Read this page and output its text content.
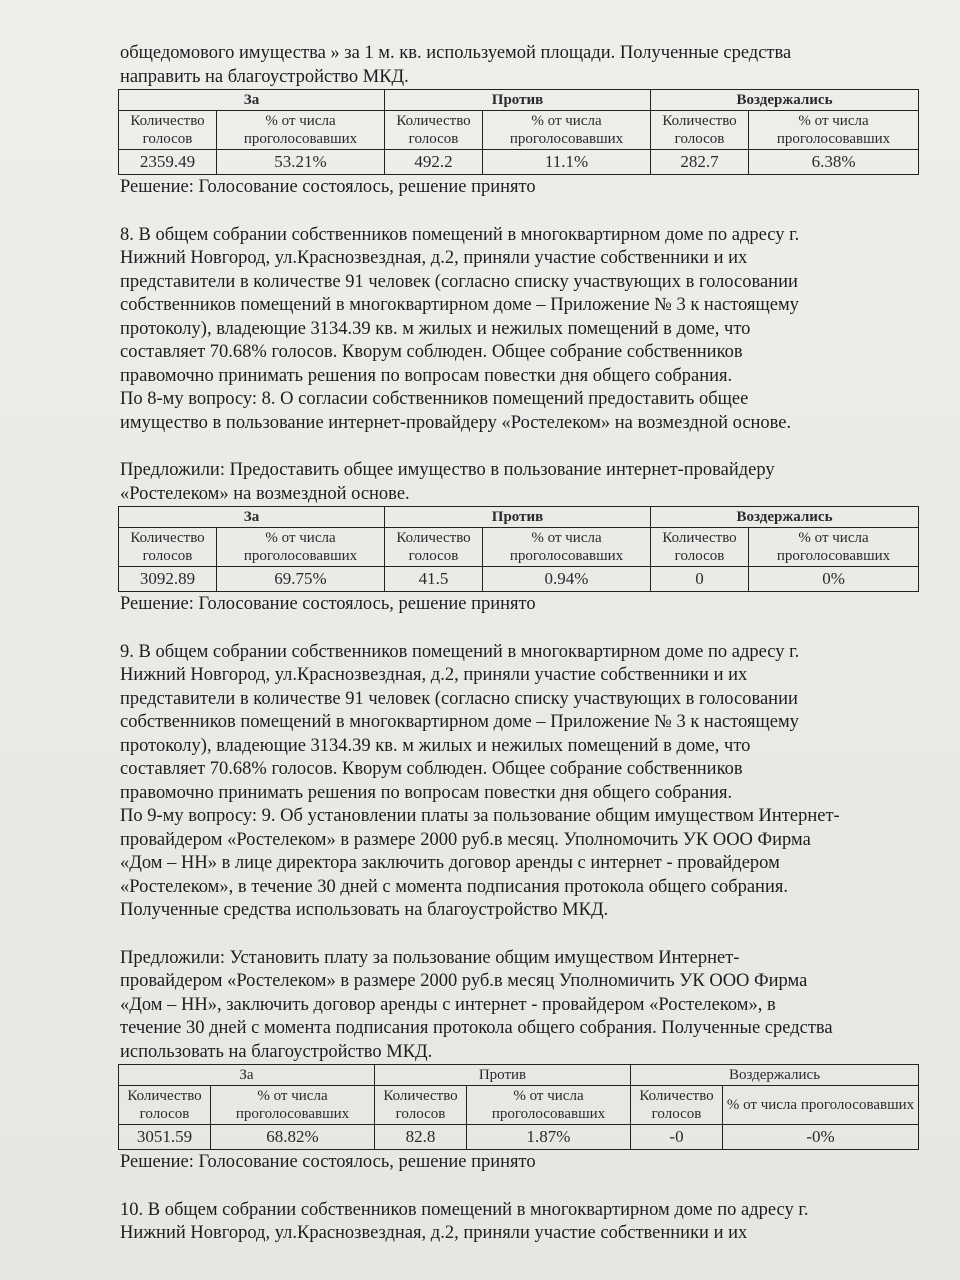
общедомового имущества » за 1 м. кв. используемой площади. Полученные средства

направить на благоустройство МКД.

За		Против		Воздержались	
Количество голосов	% от числа проголосовавших	Количество голосов	% от числа проголосовавших	Количество голосов	% от числа проголосовавших
2359.49	53.21%	492.2	11.1%	282.7	6.38%

Решение: Голосование состоялось, решение принято

8. В общем собрании собственников помещений в многоквартирном доме по адресу г.

Нижний Новгород, ул.Краснозвездная, д.2, приняли участие собственники и их

представители в количестве 91 человек (согласно списку участвующих в голосовании

собственников помещений в многоквартирном доме – Приложение № 3 к настоящему

протоколу), владеющие 3134.39 кв. м жилых и нежилых помещений в доме, что

составляет 70.68% голосов. Кворум соблюден. Общее собрание собственников

правомочно принимать решения по вопросам повестки дня общего собрания.

По 8-му вопросу: 8. О согласии собственников помещений предоставить общее

имущество в пользование интернет-провайдеру «Ростелеком» на возмездной основе.

Предложили: Предоставить общее имущество в пользование интернет-провайдеру

«Ростелеком» на возмездной основе.

За		Против		Воздержались	
Количество голосов	% от числа проголосовавших	Количество голосов	% от числа проголосовавших	Количество голосов	% от числа проголосовавших
3092.89	69.75%	41.5	0.94%	0	0%

Решение: Голосование состоялось, решение принято

9. В общем собрании собственников помещений в многоквартирном доме по адресу г.

Нижний Новгород, ул.Краснозвездная, д.2, приняли участие собственники и их

представители в количестве 91 человек (согласно списку участвующих в голосовании

собственников помещений в многоквартирном доме – Приложение № 3 к настоящему

протоколу), владеющие 3134.39 кв. м жилых и нежилых помещений в доме, что

составляет 70.68% голосов. Кворум соблюден. Общее собрание собственников

правомочно принимать решения по вопросам повестки дня общего собрания.

По 9-му вопросу: 9. Об установлении платы за пользование общим имуществом Интернет-

провайдером «Ростелеком» в размере 2000 руб.в месяц. Уполномочить УК ООО Фирма

«Дом – НН» в лице директора заключить договор аренды с интернет - провайдером

«Ростелеком», в течение 30 дней с момента подписания протокола общего собрания.

Полученные средства использовать на благоустройство МКД.

Предложили: Установить плату за пользование общим имуществом Интернет-

провайдером «Ростелеком» в размере 2000 руб.в месяц Уполномичить УК ООО Фирма

«Дом – НН», заключить договор аренды с интернет - провайдером «Ростелеком», в

течение 30 дней с момента подписания протокола общего собрания. Полученные средства

использовать на благоустройство МКД.

За		Против		Воздержались	
Количество голосов	% от числа проголосовавших	Количество голосов	% от числа проголосовавших	Количество голосов	% от числа проголосовавших
3051.59	68.82%	82.8	1.87%	-0	-0%

Решение: Голосование состоялось, решение принято

10. В общем собрании собственников помещений в многоквартирном доме по адресу г.

Нижний Новгород, ул.Краснозвездная, д.2, приняли участие собственники и их
